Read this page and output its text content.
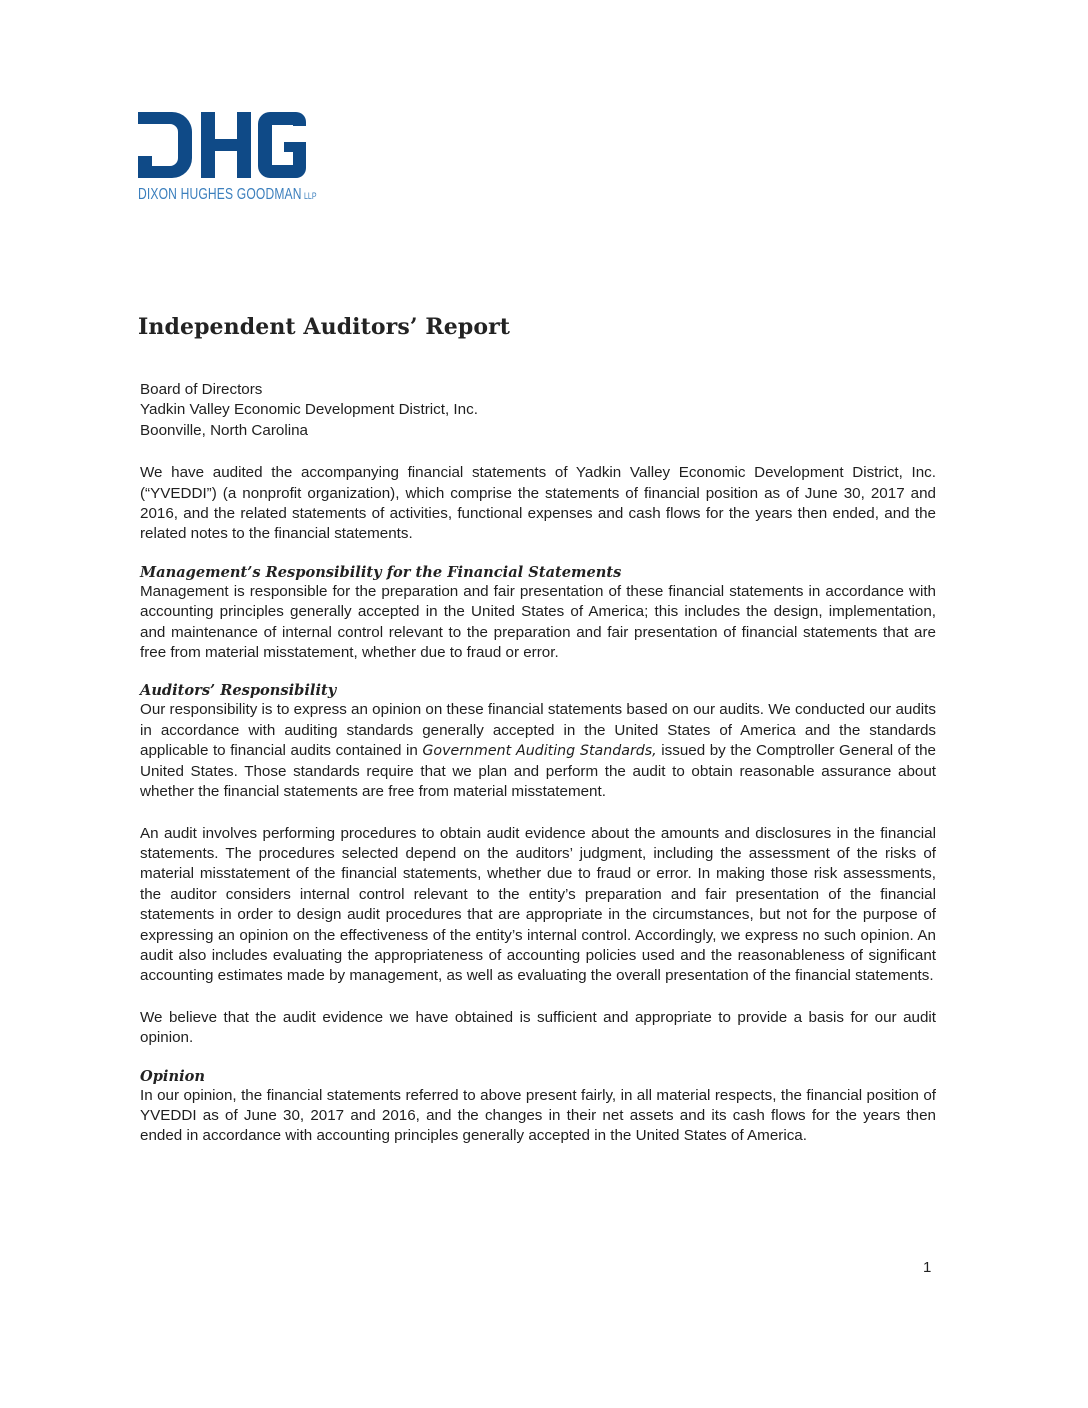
DIXON HUGHES GOODMAN LLP
Independent Auditors’ Report

Board of Directors

Yadkin Valley Economic Development District, Inc.

Boonville, North Carolina

We have audited the accompanying financial statements of Yadkin Valley Economic Development District, Inc. (“YVEDDI”) (a nonprofit organization), which comprise the statements of financial position as of June 30, 2017 and 2016, and the related statements of activities, functional expenses and cash flows for the years then ended, and the related notes to the financial statements.

Management’s Responsibility for the Financial Statements

Management is responsible for the preparation and fair presentation of these financial statements in accordance with accounting principles generally accepted in the United States of America; this includes the design, implementation, and maintenance of internal control relevant to the preparation and fair presentation of financial statements that are free from material misstatement, whether due to fraud or error.

Auditors’ Responsibility

Our responsibility is to express an opinion on these financial statements based on our audits. We conducted our audits in accordance with auditing standards generally accepted in the United States of America and the standards applicable to financial audits contained in Government Auditing Standards, issued by the Comptroller General of the United States. Those standards require that we plan and perform the audit to obtain reasonable assurance about whether the financial statements are free from material misstatement.

An audit involves performing procedures to obtain audit evidence about the amounts and disclosures in the financial statements. The procedures selected depend on the auditors’ judgment, including the assessment of the risks of material misstatement of the financial statements, whether due to fraud or error. In making those risk assessments, the auditor considers internal control relevant to the entity’s preparation and fair presentation of the financial statements in order to design audit procedures that are appropriate in the circumstances, but not for the purpose of expressing an opinion on the effectiveness of the entity’s internal control. Accordingly, we express no such opinion. An audit also includes evaluating the appropriateness of accounting policies used and the reasonableness of significant accounting estimates made by management, as well as evaluating the overall presentation of the financial statements.

We believe that the audit evidence we have obtained is sufficient and appropriate to provide a basis for our audit opinion.

Opinion

In our opinion, the financial statements referred to above present fairly, in all material respects, the financial position of YVEDDI as of June 30, 2017 and 2016, and the changes in their net assets and its cash flows for the years then ended in accordance with accounting principles generally accepted in the United States of America.

1
